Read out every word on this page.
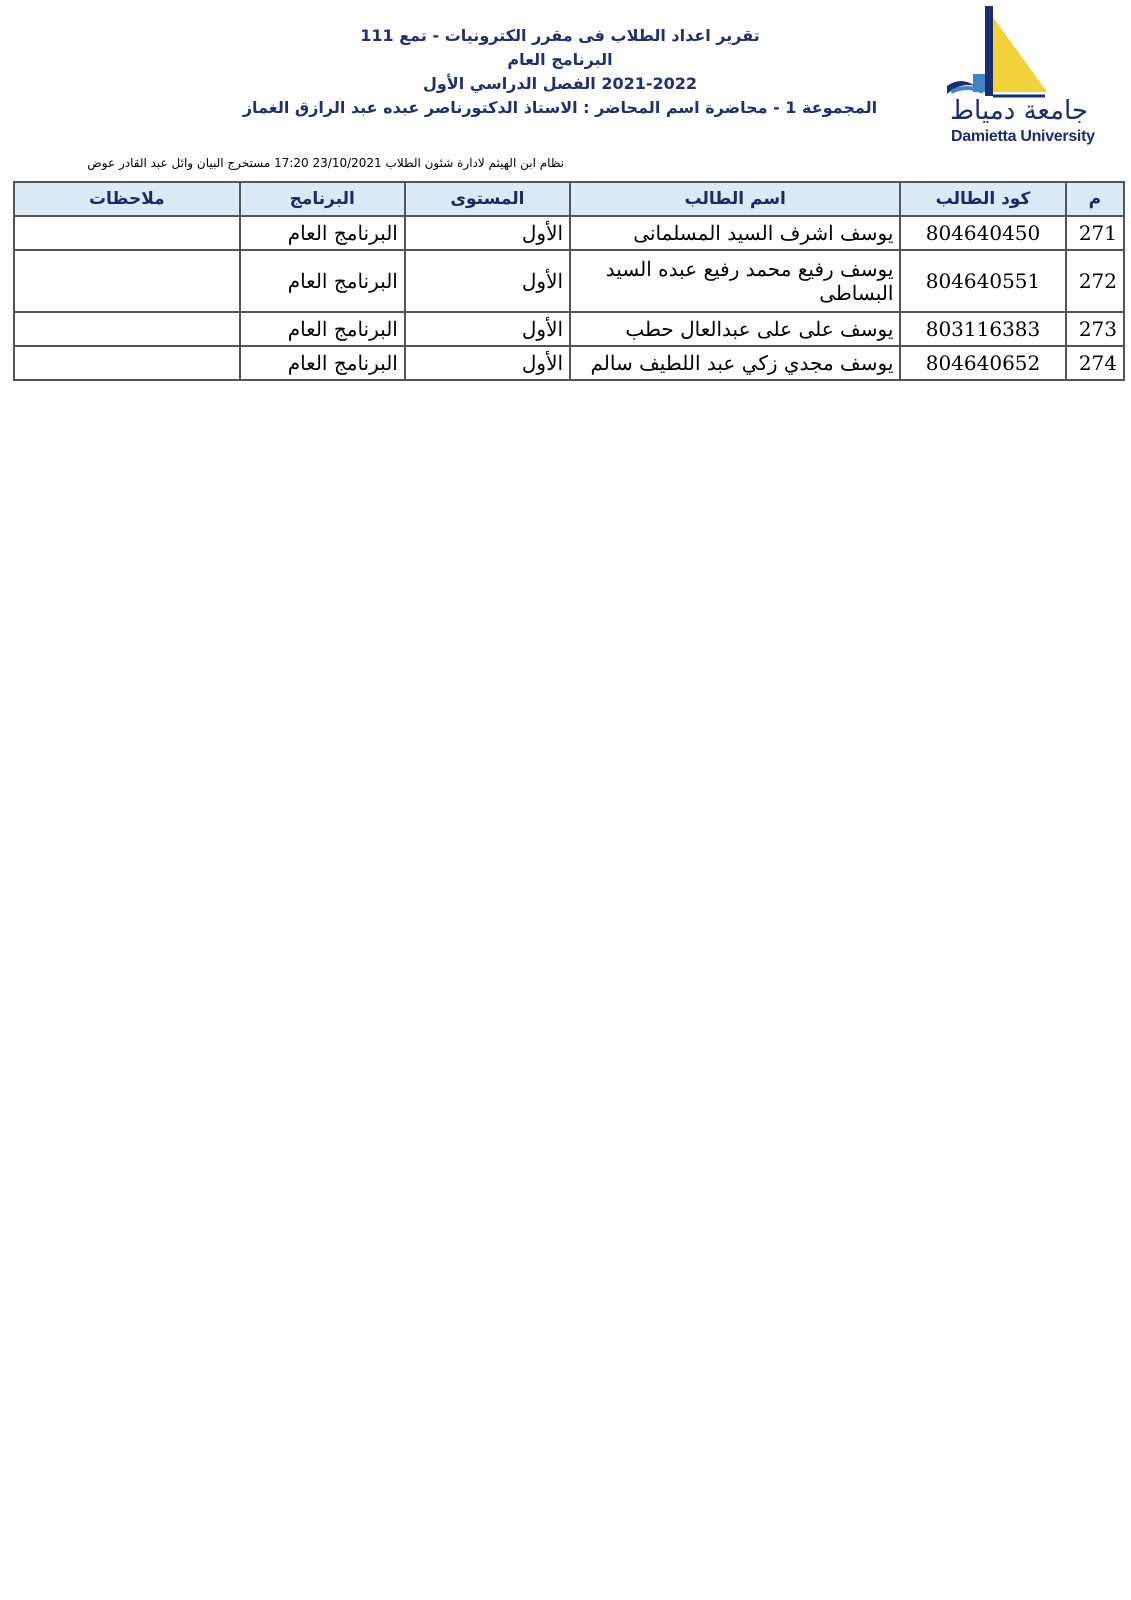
جامعة دمياط
Damietta University
تقرير اعداد الطلاب فى مقرر الكترونيات - تمع 111
البرنامج العام
2021-2022 الفصل الدراسي الأول
المجموعة 1 - محاضرة اسم المحاضر : الاستاذ الدكتورناصر عبده عبد الرازق الغماز
نظام ابن الهيثم لادارة شئون الطلاب 23/10/2021 17:20 مستخرج البيان وائل عبد القادر عوض
م	كود الطالب	اسم الطالب	المستوى	البرنامج	ملاحظات
271	804640450	يوسف اشرف السيد المسلمانى	الأول	البرنامج العام	
272	804640551	يوسف رفيع محمد رفيع عبده السيد البساطى	الأول	البرنامج العام	
273	803116383	يوسف على على عبدالعال حطب	الأول	البرنامج العام	
274	804640652	يوسف مجدي زكي عبد اللطيف سالم	الأول	البرنامج العام	
